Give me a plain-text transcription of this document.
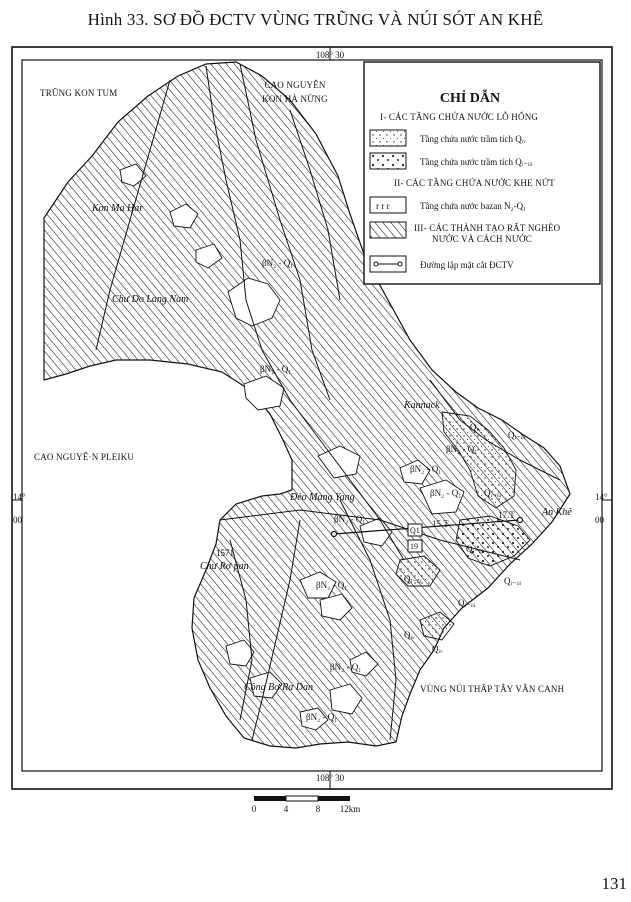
Hình 33. SƠ ĐỒ ĐCTV VÙNG TRŨNG VÀ NÚI SÓT AN KHÊ
CHỈ DẪN
I- CÁC TẦNG CHỨA NƯỚC LỖ HỔNG
Tầng chứa nước trầm tích Qᵢᵥ
Tầng chứa nước trầm tích Qᵢ₋ᵢᵢᵢ
II- CÁC TẦNG CHỨA NƯỚC KHE NỨT
r r r	Tầng chứa nước bazan N₂-Q₁
III- CÁC THÀNH TẠO RẤT NGHÈO
NƯỚC VÀ CÁCH NƯỚC
Đường lập mặt cắt ĐCTV
108° 30
108° 30
14°
00
14°
00
TRŨNG KON TUM
CAO NGUYÊN
KON HÀ NỪNG
CAO NGUYÊ·N PLEIKU
VÙNG NÚI THẤP TÂY VÂN CANH
Kon Ma Har
Chư Do Lang Nam
Đèo Mang Yang
Chư Rơ pan
Công Bơ Ra Dan
Kannack
An Khê
1571
βN₂ - Q₁
βN₂ - Q₁
βN₂ - Q₁
βN₂ - Q₁
βN₂ - Q₁
βN₂ - Q₁
βN₂ - Q₁
βN₂ - Q₁
βN₂ - Q₁
Qᵢᵥ
Qᵢᵥ
Qᵢᵥ
Qᵢ₋ᵢᵢᵢ
Qᵢ₋ᵢᵢᵢ
Qᵢ₋ᵢᵢᵢ
Qᵢ₋ᵢᵢᵢ	Qᵢ₋ᵢᵢᵢ
Qᵢ₋ᵢᵢᵢ
Q1
19
15.T
17.T
0	4	8 12km
131
